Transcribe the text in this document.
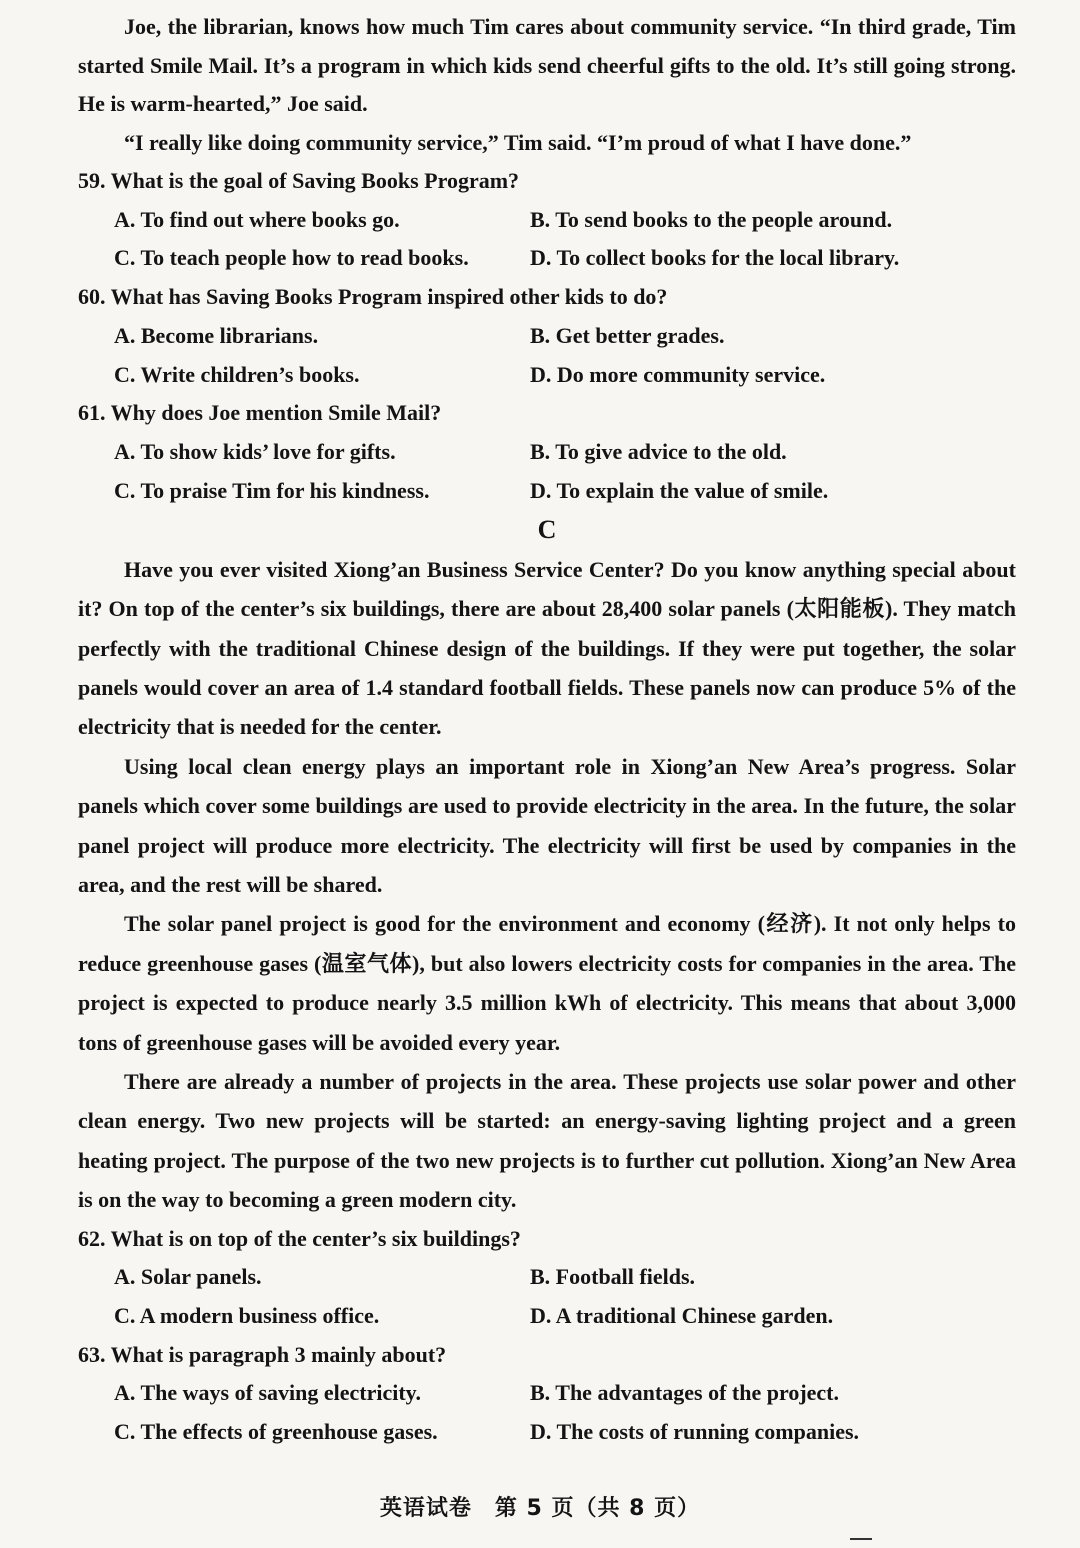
Joe, the librarian, knows how much Tim cares about community service. “In third grade, Tim started Smile Mail. It’s a program in which kids send cheerful gifts to the old. It’s still going strong. He is warm-hearted,” Joe said.

“I really like doing community service,” Tim said. “I’m proud of what I have done.”

59. What is the goal of Saving Books Program?

A. To find out where books go.	B. To send books to the people around.
C. To teach people how to read books.	D. To collect books for the local library.

60. What has Saving Books Program inspired other kids to do?

A. Become librarians.	B. Get better grades.
C. Write children’s books.	D. Do more community service.

61. Why does Joe mention Smile Mail?

A. To show kids’ love for gifts.	B. To give advice to the old.
C. To praise Tim for his kindness.	D. To explain the value of smile.

C

Have you ever visited Xiong’an Business Service Center? Do you know anything special about it? On top of the center’s six buildings, there are about 28,400 solar panels (太阳能板). They match perfectly with the traditional Chinese design of the buildings. If they were put together, the solar panels would cover an area of 1.4 standard football fields. These panels now can produce 5% of the electricity that is needed for the center.

Using local clean energy plays an important role in Xiong’an New Area’s progress. Solar panels which cover some buildings are used to provide electricity in the area. In the future, the solar panel project will produce more electricity. The electricity will first be used by companies in the area, and the rest will be shared.

The solar panel project is good for the environment and economy (经济). It not only helps to reduce greenhouse gases (温室气体), but also lowers electricity costs for companies in the area. The project is expected to produce nearly 3.5 million kWh of electricity. This means that about 3,000 tons of greenhouse gases will be avoided every year.

There are already a number of projects in the area. These projects use solar power and other clean energy. Two new projects will be started: an energy-saving lighting project and a green heating project. The purpose of the two new projects is to further cut pollution. Xiong’an New Area is on the way to becoming a green modern city.

62. What is on top of the center’s six buildings?

A. Solar panels.	B. Football fields.
C. A modern business office.	D. A traditional Chinese garden.

63. What is paragraph 3 mainly about?

A. The ways of saving electricity.	B. The advantages of the project.
C. The effects of greenhouse gases.	D. The costs of running companies.
英语试卷　第 5 页（共 8 页）
